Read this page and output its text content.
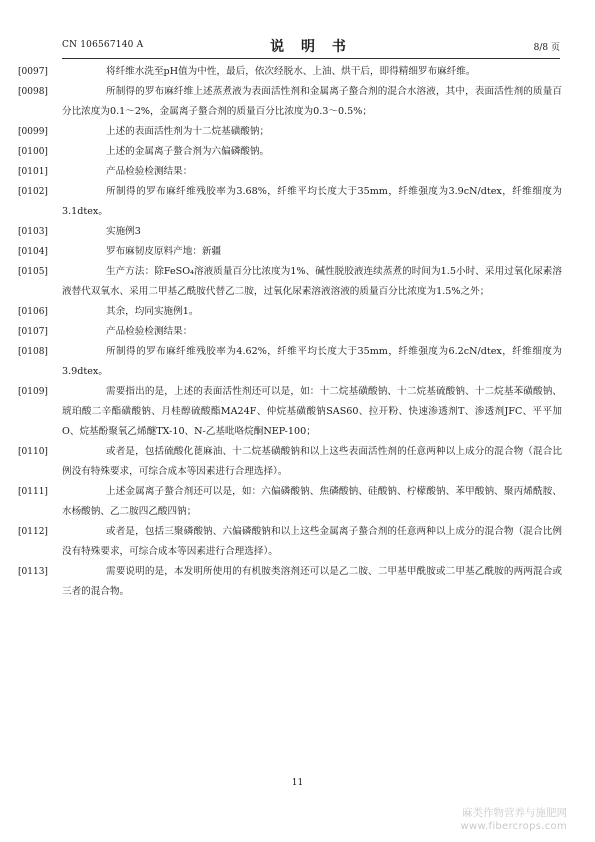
CN 106567140 A	说 明 书	8/8 页
[0097]	将纤维水洗至pH值为中性，最后，依次经脱水、上油、烘干后，即得精细罗布麻纤维。
[0098]	所制得的罗布麻纤维上述蒸煮液为表面活性剂和金属离子螯合剂的混合水溶液，其中，表面活性剂的质量百分比浓度为0.1～2%，金属离子螯合剂的质量百分比浓度为0.3～0.5%；
[0099]	上述的表面活性剂为十二烷基磺酸钠；
[0100]	上述的金属离子螯合剂为六偏磷酸钠。
[0101]	产品检验检测结果：
[0102]	所制得的罗布麻纤维残胶率为3.68%，纤维平均长度大于35mm，纤维强度为3.9cN/dtex，纤维细度为3.1dtex。
[0103]	实施例3
[0104]	罗布麻韧皮原料产地：新疆
[0105]	生产方法：除FeSO₄溶液质量百分比浓度为1%、碱性脱胶液连续蒸煮的时间为1.5小时、采用过氧化尿素溶液替代双氧水、采用二甲基乙酰胺代替乙二胺，过氧化尿素溶液溶液的质量百分比浓度为1.5%之外；
[0106]	其余，均同实施例1。
[0107]	产品检验检测结果：
[0108]	所制得的罗布麻纤维残胶率为4.62%，纤维平均长度大于35mm，纤维强度为6.2cN/dtex，纤维细度为3.9dtex。
[0109]	需要指出的是，上述的表面活性剂还可以是，如：十二烷基磺酸钠、十二烷基硫酸钠、十二烷基苯磺酸钠、琥珀酸二辛酯磺酸钠、月桂醇硫酸酯MA24F、仲烷基磺酸钠SAS60、拉开粉、快速渗透剂T、渗透剂JFC、平平加O、烷基酚聚氧乙烯醚TX-10、N-乙基吡咯烷酮NEP-100；
[0110]	或者是，包括硫酸化蓖麻油、十二烷基磺酸钠和以上这些表面活性剂的任意两种以上成分的混合物（混合比例没有特殊要求，可综合成本等因素进行合理选择）。
[0111]	上述金属离子螯合剂还可以是，如：六偏磷酸钠、焦磷酸钠、硅酸钠、柠檬酸钠、苯甲酸钠、聚丙烯酰胺、水杨酸钠、乙二胺四乙酸四钠；
[0112]	或者是，包括三聚磷酸钠、六偏磷酸钠和以上这些金属离子螯合剂的任意两种以上成分的混合物（混合比例没有特殊要求，可综合成本等因素进行合理选择）。
[0113]	需要说明的是，本发明所使用的有机胺类溶剂还可以是乙二胺、二甲基甲酰胺或二甲基乙酰胺的两两混合或三者的混合物。
11
麻类作物营养与施肥网
www.fibercrops.com
